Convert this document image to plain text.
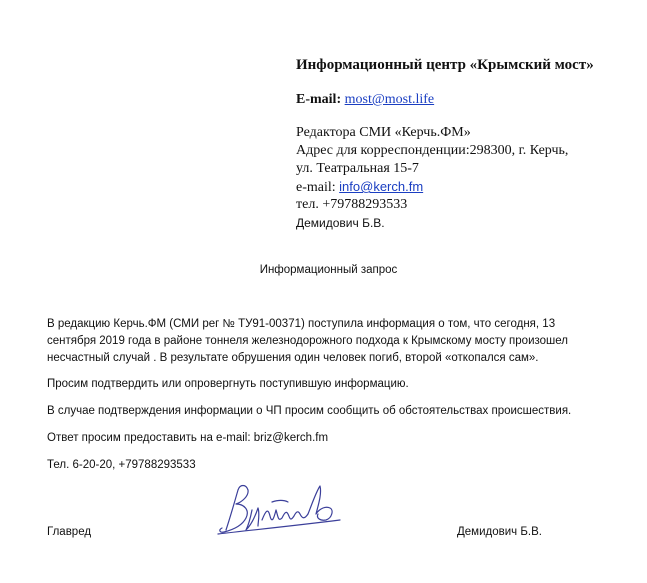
Информационный центр «Крымский мост»
E-mail: most@most.life
Редактора СМИ «Керчь.ФМ»
Адрес для корреспонденции:298300, г. Керчь,
ул. Театральная 15-7
e-mail: info@kerch.fm
тел. +79788293533
Демидович Б.В.
Информационный запрос

В редакцию Керчь.ФМ (СМИ рег № ТУ91-00371) поступила информация о том, что сегодня, 13 сентября 2019 года в районе тоннеля железнодорожного подхода к Крымскому мосту произошел несчастный случай . В результате обрушения один человек погиб, второй «откопался сам».

Просим подтвердить или опровергнуть поступившую информацию.

В случае подтверждения информации о ЧП просим сообщить об обстоятельствах происшествия.

Ответ просим предоставить на e-mail: briz@kerch.fm

Тел. 6-20-20, +79788293533

Главред	Демидович Б.В.
